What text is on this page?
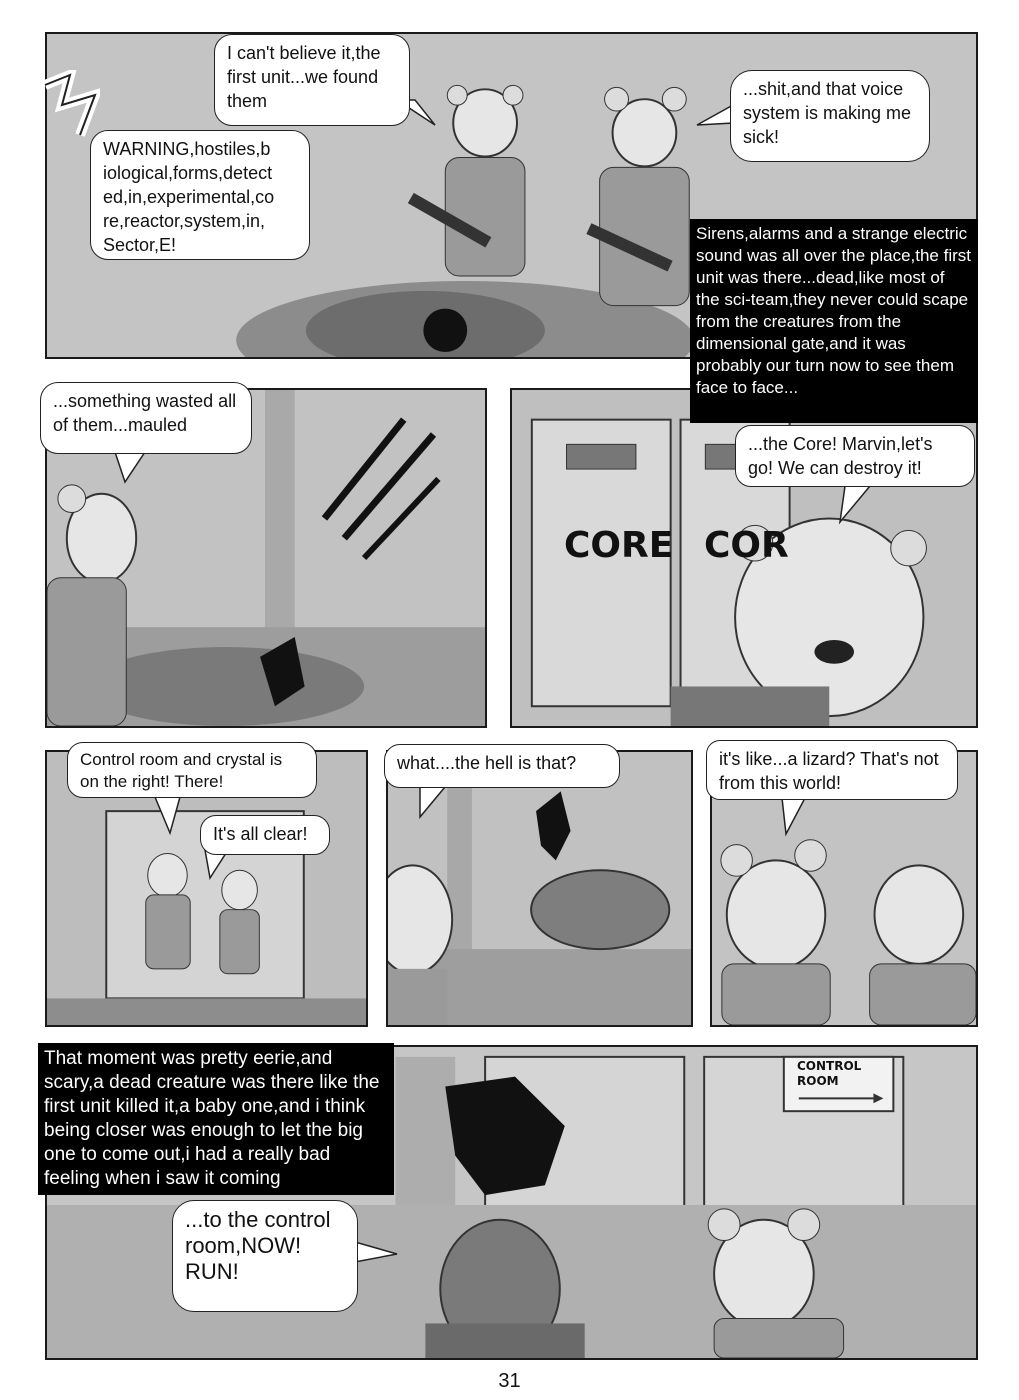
WARNING,hostiles,b iological,forms,detect ed,in,experimental,co re,reactor,system,in, Sector,E!
I can't believe it,the first unit...we found them
...shit,and that voice system is making me sick!
Sirens,alarms and a strange electric sound was all over the place,the first unit was there...dead,like most of the sci-team,they never could scape from the creatures from the dimensional gate,and it was probably our turn now to see them face to face...
...something wasted all of them...mauled
CORE COR
...the Core! Marvin,let's go! We can destroy it!
Control room and crystal is on the right! There!
It's all clear!
what....the hell is that?	it's like...a lizard? That's not from this world!
CONTROL
ROOM
That moment was pretty eerie,and scary,a dead creature was there like the first unit killed it,a baby one,and i think being closer was enough to let the big one to come out,i had a really bad feeling when i saw it coming
...to the control room,NOW! RUN!
31
